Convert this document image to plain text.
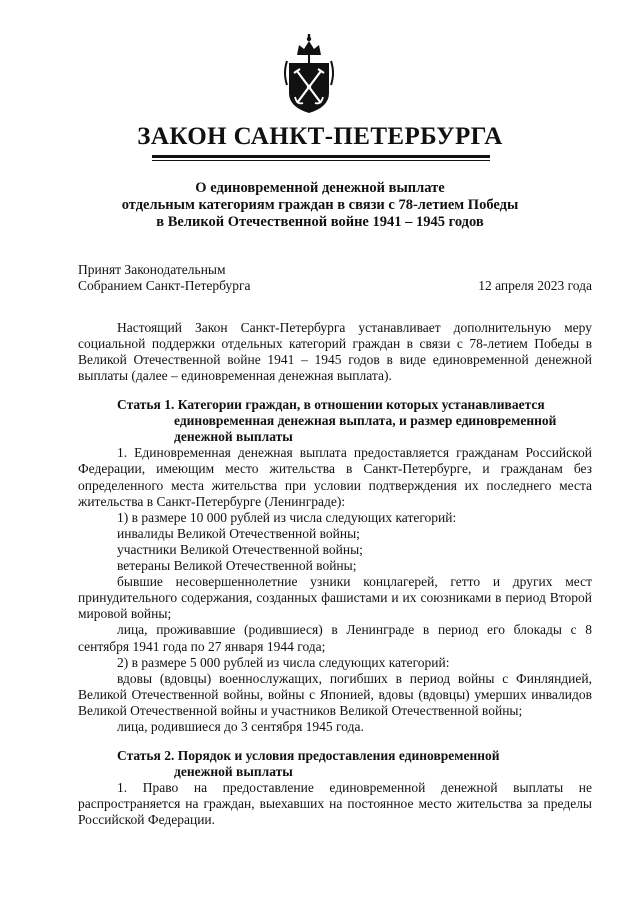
ЗАКОН САНКТ-ПЕТЕРБУРГА
О единовременной денежной выплате
отдельным категориям граждан в связи с 78-летием Победы
в Великой Отечественной войне 1941 – 1945 годов
Принят Законодательным
Собранием Санкт-Петербурга	12 апреля 2023 года

Настоящий Закон Санкт-Петербурга устанавливает дополнительную меру социальной поддержки отдельных категорий граждан в связи с 78-летием Победы в Великой Отечественной войне 1941 – 1945 годов в виде единовременной денежной выплаты (далее – единовременная денежная выплата).

Статья 1. Категории граждан, в отношении которых устанавливается
единовременная денежная выплата, и размер единовременной
денежной выплаты

1. Единовременная денежная выплата предоставляется гражданам Российской Федерации, имеющим место жительства в Санкт-Петербурге, и гражданам без определенного места жительства при условии подтверждения их последнего места жительства в Санкт-Петербурге (Ленинграде):

1) в размере 10 000 рублей из числа следующих категорий:

инвалиды Великой Отечественной войны;

участники Великой Отечественной войны;

ветераны Великой Отечественной войны;

бывшие несовершеннолетние узники концлагерей, гетто и других мест принудительного содержания, созданных фашистами и их союзниками в период Второй мировой войны;

лица, проживавшие (родившиеся) в Ленинграде в период его блокады с 8 сентября 1941 года по 27 января 1944 года;

2) в размере 5 000 рублей из числа следующих категорий:

вдовы (вдовцы) военнослужащих, погибших в период войны с Финляндией, Великой Отечественной войны, войны с Японией, вдовы (вдовцы) умерших инвалидов Великой Отечественной войны и участников Великой Отечественной войны;

лица, родившиеся до 3 сентября 1945 года.

Статья 2. Порядок и условия предоставления единовременной
денежной выплаты

1. Право на предоставление единовременной денежной выплаты не распространяется на граждан, выехавших на постоянное место жительства за пределы Российской Федерации.
